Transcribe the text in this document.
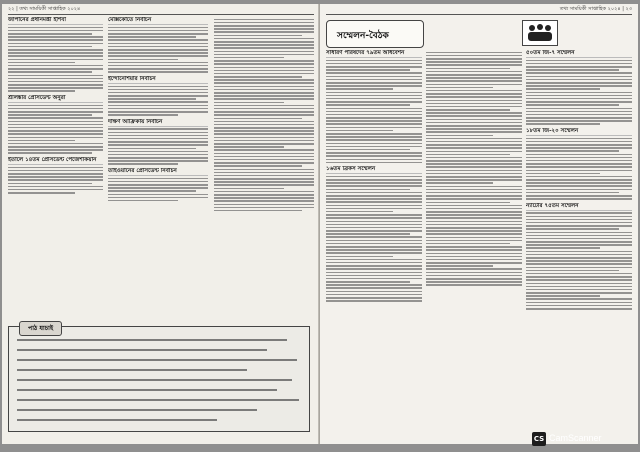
২২ | তথ্য সাময়িকী সাপ্তাহিক ২০২৪
জাপানের প্রধানমন্ত্রী ইশিবা
শ্রীলঙ্কার প্রেসিডেন্ট অনুরা
ইতালে ১৪তম প্রেসিডেন্ট পেজেশকিয়ান
মেক্সিকোতে নির্বাচন
ইন্দোনেশিয়ার নির্বাচন
দক্ষিণ আফ্রিকায় নির্বাচন
তাইওয়ানের প্রেসিডেন্ট নির্বাচন
পাঠ যাচাই
তথ্য সাময়িকী সাপ্তাহিক ২০২৪ | ২৩
সম্মেলন-বৈঠক
সাধারণ পরিষদের ৭৯তম অধিবেশন
১৬তম ব্রিকস সম্মেলন
৫০তম জি-৭ সম্মেলন
১৮তম জি-২০ সম্মেলন
ন্যাটোর ৭৫তম সম্মেলন
CS CamScanner
